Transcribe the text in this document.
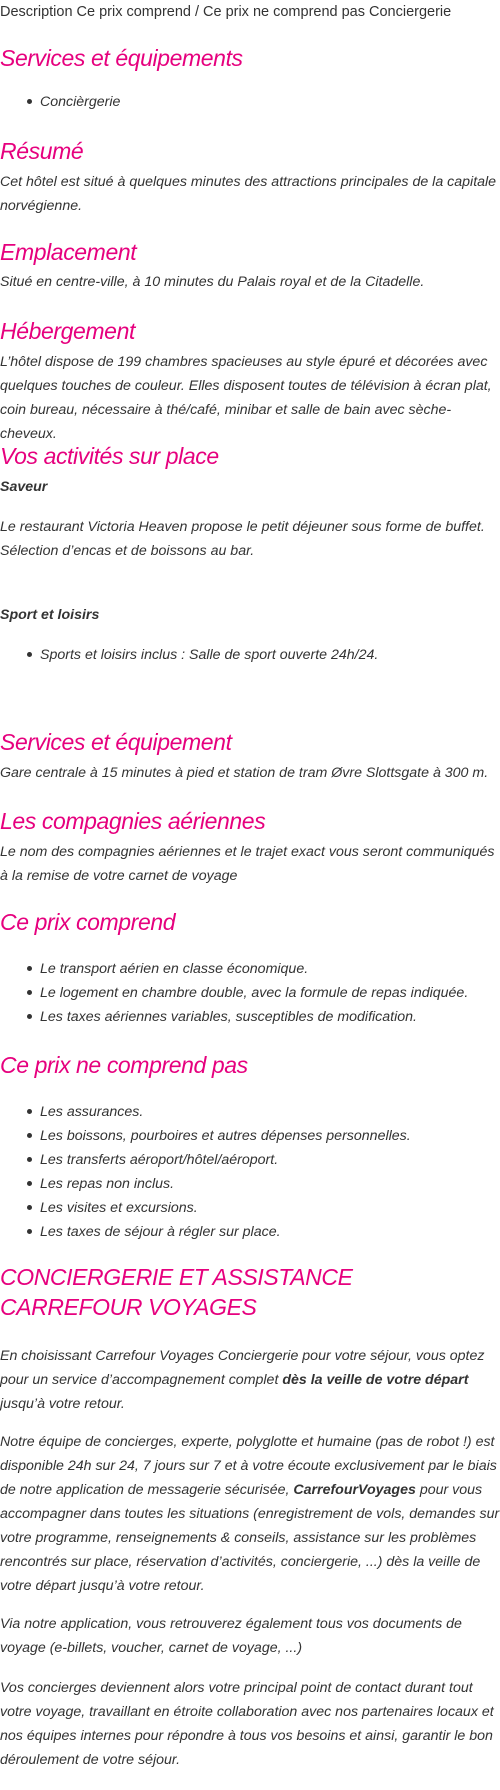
Description Ce prix comprend / Ce prix ne comprend pas Conciergerie
Services et équipements
Concièrgerie
Résumé

Cet hôtel est situé à quelques minutes des attractions principales de la capitale norvégienne.

Emplacement

Situé en centre-ville, à 10 minutes du Palais royal et de la Citadelle.

Hébergement

L’hôtel dispose de 199 chambres spacieuses au style épuré et décorées avec quelques touches de couleur. Elles disposent toutes de télévision à écran plat, coin bureau, nécessaire à thé/café, minibar et salle de bain avec sèche-cheveux.

Vos activités sur place

Saveur

Le restaurant Victoria Heaven propose le petit déjeuner sous forme de buffet. Sélection d’encas et de boissons au bar.

Sport et loisirs

Sports et loisirs inclus : Salle de sport ouverte 24h/24.
Services et équipement

Gare centrale à 15 minutes à pied et station de tram Øvre Slottsgate à 300 m.

Les compagnies aériennes

Le nom des compagnies aériennes et le trajet exact vous seront communiqués à la remise de votre carnet de voyage

Ce prix comprend
Le transport aérien en classe économique.
Le logement en chambre double, avec la formule de repas indiquée.
Les taxes aériennes variables, susceptibles de modification.
Ce prix ne comprend pas
Les assurances.
Les boissons, pourboires et autres dépenses personnelles.
Les transferts aéroport/hôtel/aéroport.
Les repas non inclus.
Les visites et excursions.
Les taxes de séjour à régler sur place.
CONCIERGERIE ET ASSISTANCE CARREFOUR VOYAGES

En choisissant Carrefour Voyages Conciergerie pour votre séjour, vous optez pour un service d’accompagnement complet dès la veille de votre départ jusqu’à votre retour.

Notre équipe de concierges, experte, polyglotte et humaine (pas de robot !) est disponible 24h sur 24, 7 jours sur 7 et à votre écoute exclusivement par le biais de notre application de messagerie sécurisée, CarrefourVoyages pour vous accompagner dans toutes les situations (enregistrement de vols, demandes sur votre programme, renseignements & conseils, assistance sur les problèmes rencontrés sur place, réservation d’activités, conciergerie, ...) dès la veille de votre départ jusqu’à votre retour.

Via notre application, vous retrouverez également tous vos documents de voyage (e-billets, voucher, carnet de voyage, ...)

Vos concierges deviennent alors votre principal point de contact durant tout votre voyage, travaillant en étroite collaboration avec nos partenaires locaux et nos équipes internes pour répondre à tous vos besoins et ainsi, garantir le bon déroulement de votre séjour.
